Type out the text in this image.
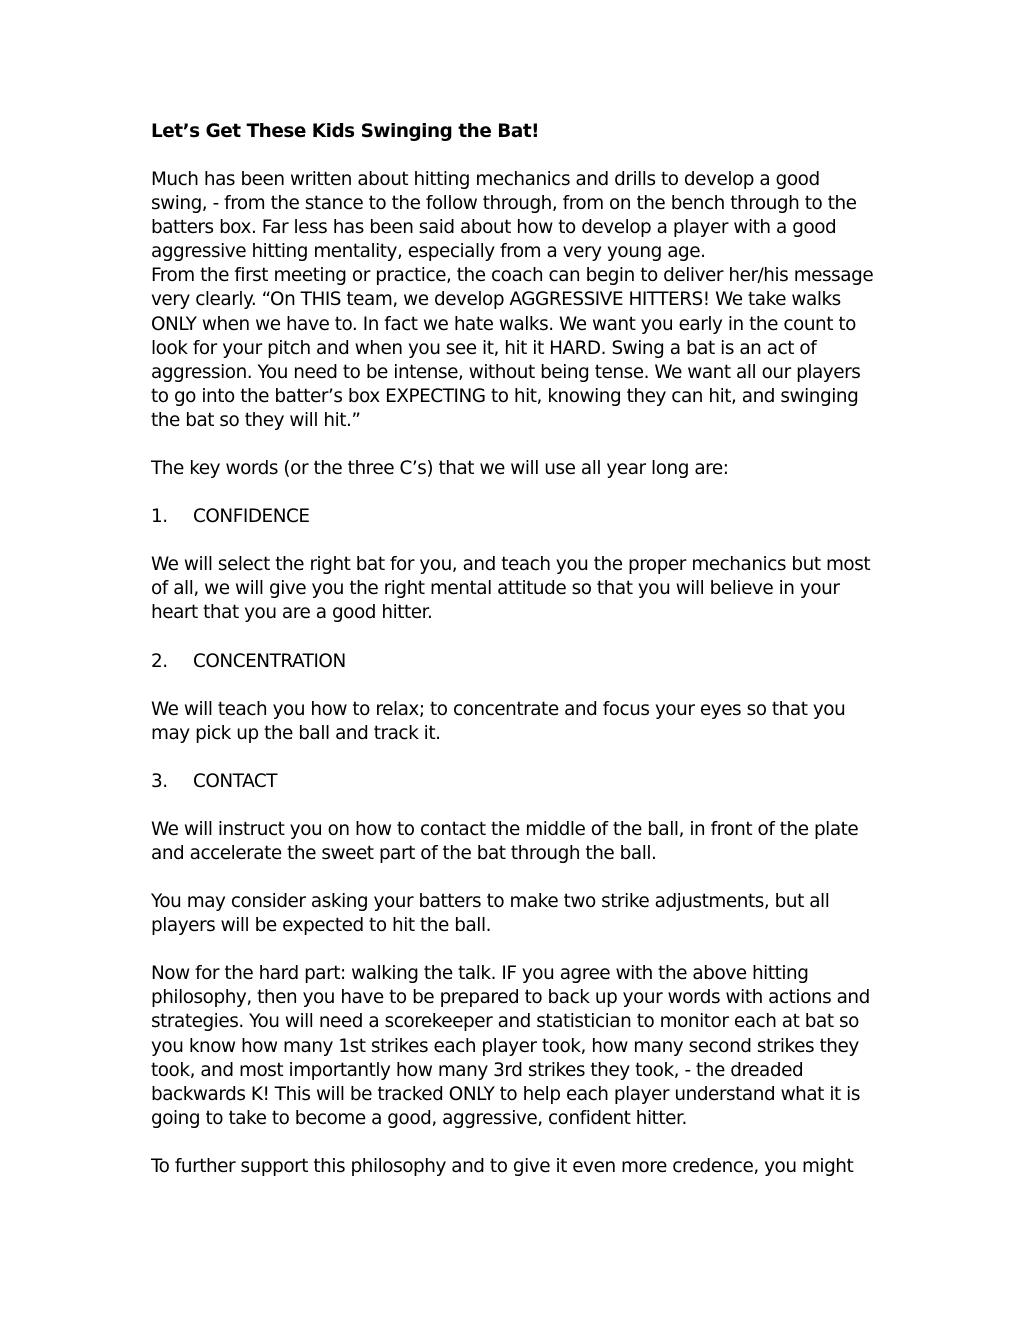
Let’s Get These Kids Swinging the Bat!

Much has been written about hitting mechanics and drills to develop a good swing, - from the stance to the follow through, from on the bench through to the batters box. Far less has been said about how to develop a player with a good aggressive hitting mentality, especially from a very young age.

From the first meeting or practice, the coach can begin to deliver her/his message very clearly. “On THIS team, we develop AGGRESSIVE HITTERS! We take walks ONLY when we have to. In fact we hate walks. We want you early in the count to look for your pitch and when you see it, hit it HARD. Swing a bat is an act of aggression. You need to be intense, without being tense. We want all our players to go into the batter’s box EXPECTING to hit, knowing they can hit, and swinging the bat so they will hit.”

The key words (or the three C’s) that we will use all year long are:

1.	CONFIDENCE

We will select the right bat for you, and teach you the proper mechanics but most of all, we will give you the right mental attitude so that you will believe in your heart that you are a good hitter.

2.	CONCENTRATION

We will teach you how to relax; to concentrate and focus your eyes so that you may pick up the ball and track it.

3.	CONTACT

We will instruct you on how to contact the middle of the ball, in front of the plate and accelerate the sweet part of the bat through the ball.

You may consider asking your batters to make two strike adjustments, but all players will be expected to hit the ball.

Now for the hard part: walking the talk. IF you agree with the above hitting philosophy, then you have to be prepared to back up your words with actions and strategies. You will need a scorekeeper and statistician to monitor each at bat so you know how many 1st strikes each player took, how many second strikes they took, and most importantly how many 3rd strikes they took, - the dreaded backwards K! This will be tracked ONLY to help each player understand what it is going to take to become a good, aggressive, confident hitter.

To further support this philosophy and to give it even more credence, you might
